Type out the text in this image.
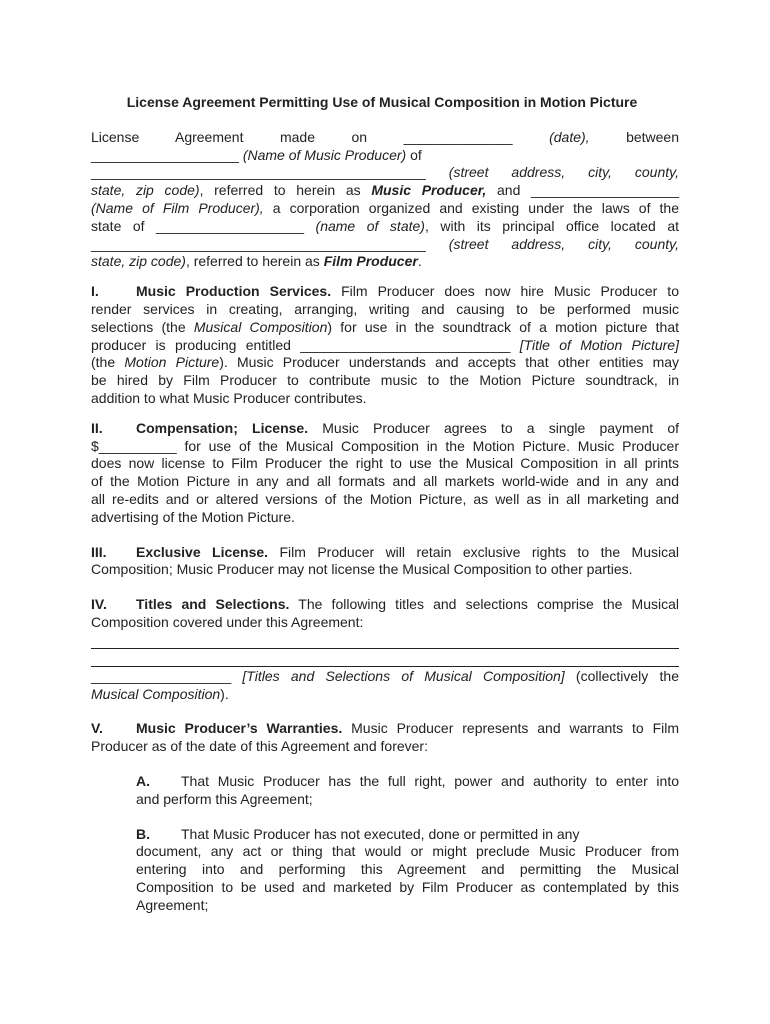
License Agreement Permitting Use of Musical Composition in Motion Picture
License Agreement made on ______________ (date), between
___________________ (Name of Music Producer) of
___________________________________________ (street address, city, county,
state, zip code), referred to herein as Music Producer, and ___________________
(Name of Film Producer), a corporation organized and existing under the laws of the
state of ___________________ (name of state), with its principal office located at
___________________________________________ (street address, city, county,
state, zip code), referred to herein as Film Producer.
I.	Music Production Services. Film Producer does now hire Music Producer to
render services in creating, arranging, writing and causing to be performed music
selections (the Musical Composition) for use in the soundtrack of a motion picture that
producer is producing entitled ___________________________ [Title of Motion Picture]
(the Motion Picture). Music Producer understands and accepts that other entities may
be hired by Film Producer to contribute music to the Motion Picture soundtrack, in
addition to what Music Producer contributes.
II. Compensation; License. Music Producer agrees to a single payment of
$__________ for use of the Musical Composition in the Motion Picture. Music Producer
does now license to Film Producer the right to use the Musical Composition in all prints
of the Motion Picture in any and all formats and all markets world-wide and in any and
all re-edits and or altered versions of the Motion Picture, as well as in all marketing and
advertising of the Motion Picture.
III. Exclusive License. Film Producer will retain exclusive rights to the Musical
Composition; Music Producer may not license the Musical Composition to other parties.
IV. Titles and Selections. The following titles and selections comprise the Musical
Composition covered under this Agreement:
__________________ [Titles and Selections of Musical Composition] (collectively the
Musical Composition).
V. Music Producer’s Warranties. Music Producer represents and warrants to Film
Producer as of the date of this Agreement and forever:
A. That Music Producer has the full right, power and authority to enter into
and perform this Agreement;
B. That Music Producer has not executed, done or permitted in any
document, any act or thing that would or might preclude Music Producer from
entering into and performing this Agreement and permitting the Musical
Composition to be used and marketed by Film Producer as contemplated by this
Agreement;
